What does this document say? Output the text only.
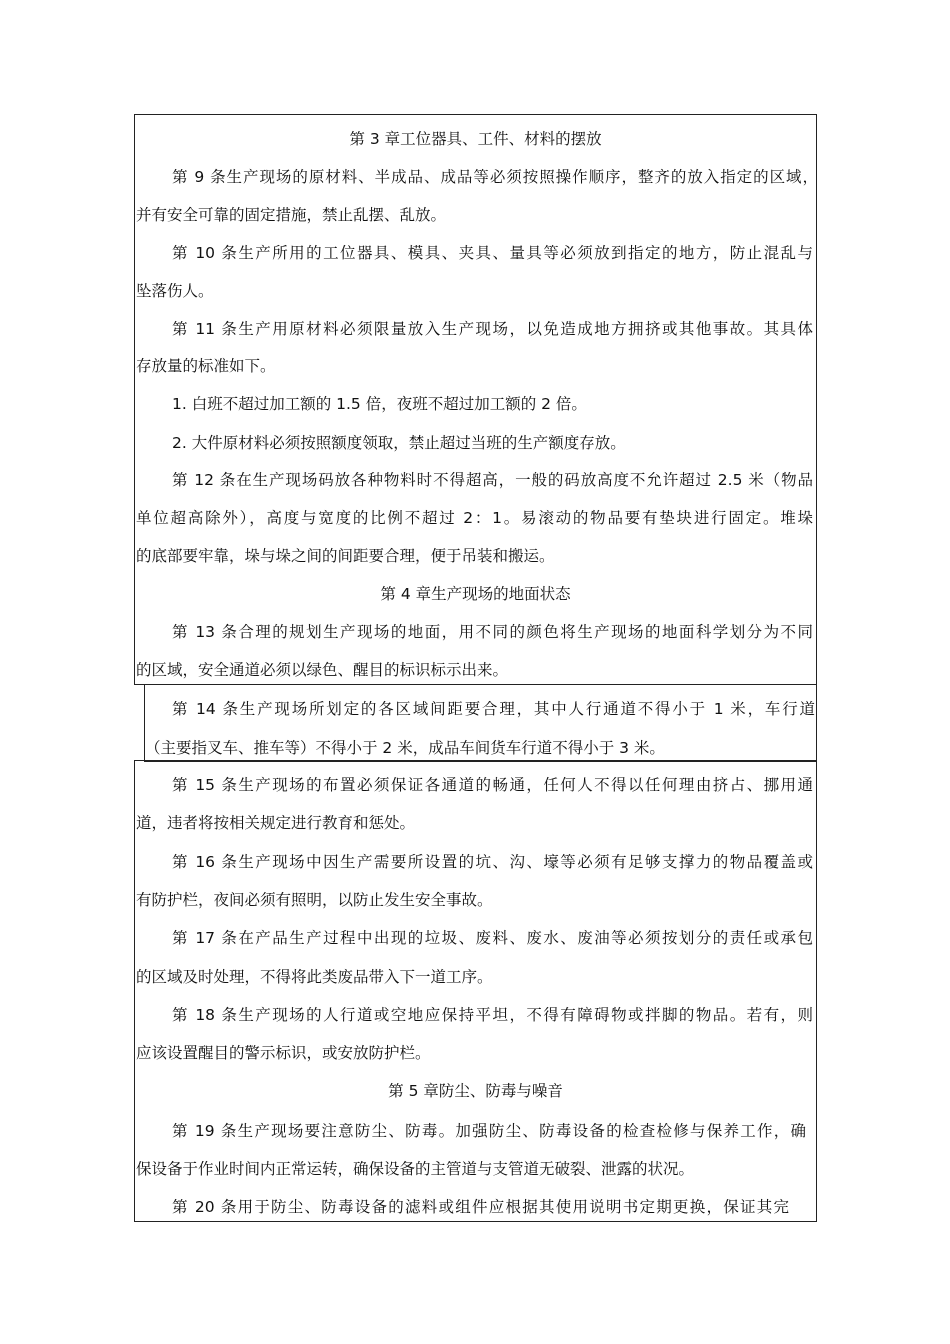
第 3 章工位器具、工件、材料的摆放

第 9 条生产现场的原材料、半成品、成品等必须按照操作顺序，整齐的放入指定的区域，

并有安全可靠的固定措施，禁止乱摆、乱放。

第 10 条生产所用的工位器具、模具、夹具、量具等必须放到指定的地方，防止混乱与

坠落伤人。

第 11 条生产用原材料必须限量放入生产现场，以免造成地方拥挤或其他事故。其具体

存放量的标准如下。

1. 白班不超过加工额的 1.5 倍，夜班不超过加工额的 2 倍。

2. 大件原材料必须按照额度领取，禁止超过当班的生产额度存放。

第 12 条在生产现场码放各种物料时不得超高，一般的码放高度不允许超过 2.5 米（物品

单位超高除外），高度与宽度的比例不超过 2：1。易滚动的物品要有垫块进行固定。堆垛

的底部要牢靠，垛与垛之间的间距要合理，便于吊装和搬运。

第 4 章生产现场的地面状态

第 13 条合理的规划生产现场的地面，用不同的颜色将生产现场的地面科学划分为不同

的区域，安全通道必须以绿色、醒目的标识标示出来。

第 14 条生产现场所划定的各区域间距要合理，其中人行通道不得小于 1 米，车行道

（主要指叉车、推车等）不得小于 2 米，成品车间货车行道不得小于 3 米。

第 15 条生产现场的布置必须保证各通道的畅通，任何人不得以任何理由挤占、挪用通

道，违者将按相关规定进行教育和惩处。

第 16 条生产现场中因生产需要所设置的坑、沟、壕等必须有足够支撑力的物品覆盖或

有防护栏，夜间必须有照明，以防止发生安全事故。

第 17 条在产品生产过程中出现的垃圾、废料、废水、废油等必须按划分的责任或承包

的区域及时处理，不得将此类废品带入下一道工序。

第 18 条生产现场的人行道或空地应保持平坦，不得有障碍物或拌脚的物品。若有，则

应该设置醒目的警示标识，或安放防护栏。

第 5 章防尘、防毒与噪音

第 19 条生产现场要注意防尘、防毒。加强防尘、防毒设备的检查检修与保养工作，确

保设备于作业时间内正常运转，确保设备的主管道与支管道无破裂、泄露的状况。

第 20 条用于防尘、防毒设备的滤料或组件应根据其使用说明书定期更换，保证其完
